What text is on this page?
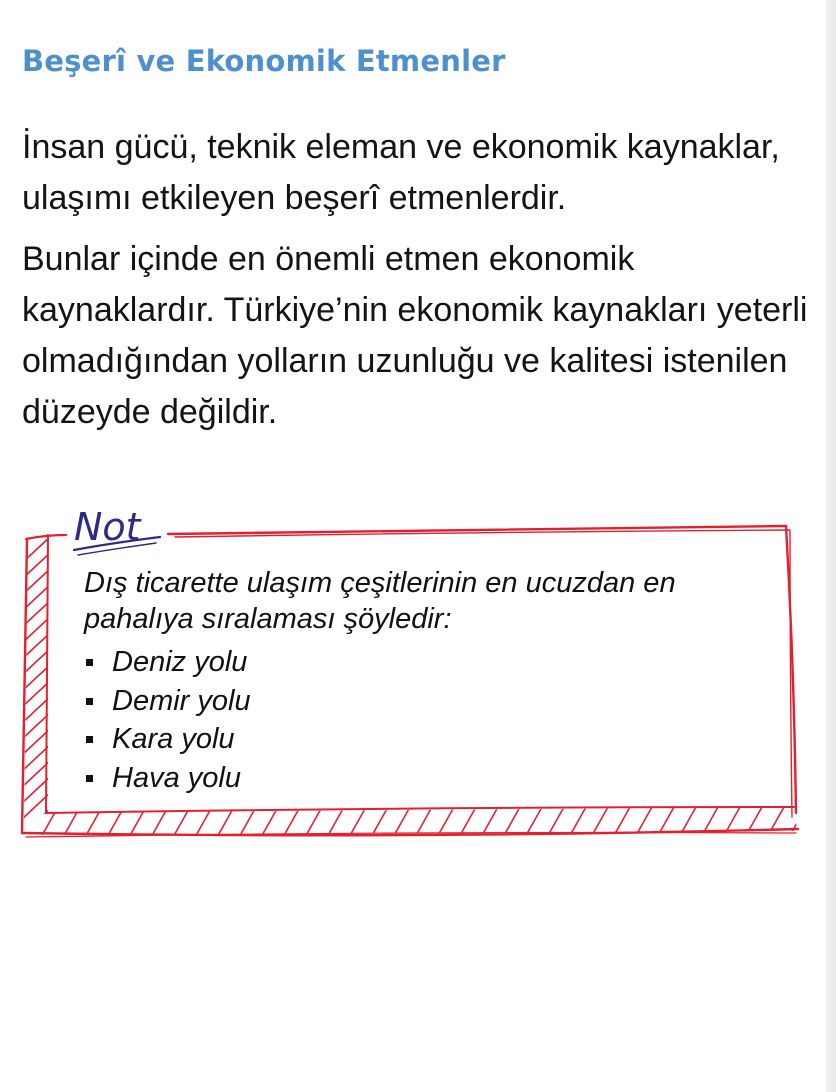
Beşerî ve Ekonomik Etmenler

İnsan gücü, teknik eleman ve ekonomik kaynaklar, ulaşımı etkileyen beşerî etmenlerdir.

Bunlar içinde en önemli etmen ekonomik kaynaklardır. Türkiye’nin ekonomik kaynakları yeterli olmadığından yolların uzunluğu ve kalitesi istenilen düzeyde değildir.

Not
Dış ticarette ulaşım çeşitlerinin en ucuzdan en pahalıya sıralaması şöyledir:
Deniz yolu
Demir yolu
Kara yolu
Hava yolu
